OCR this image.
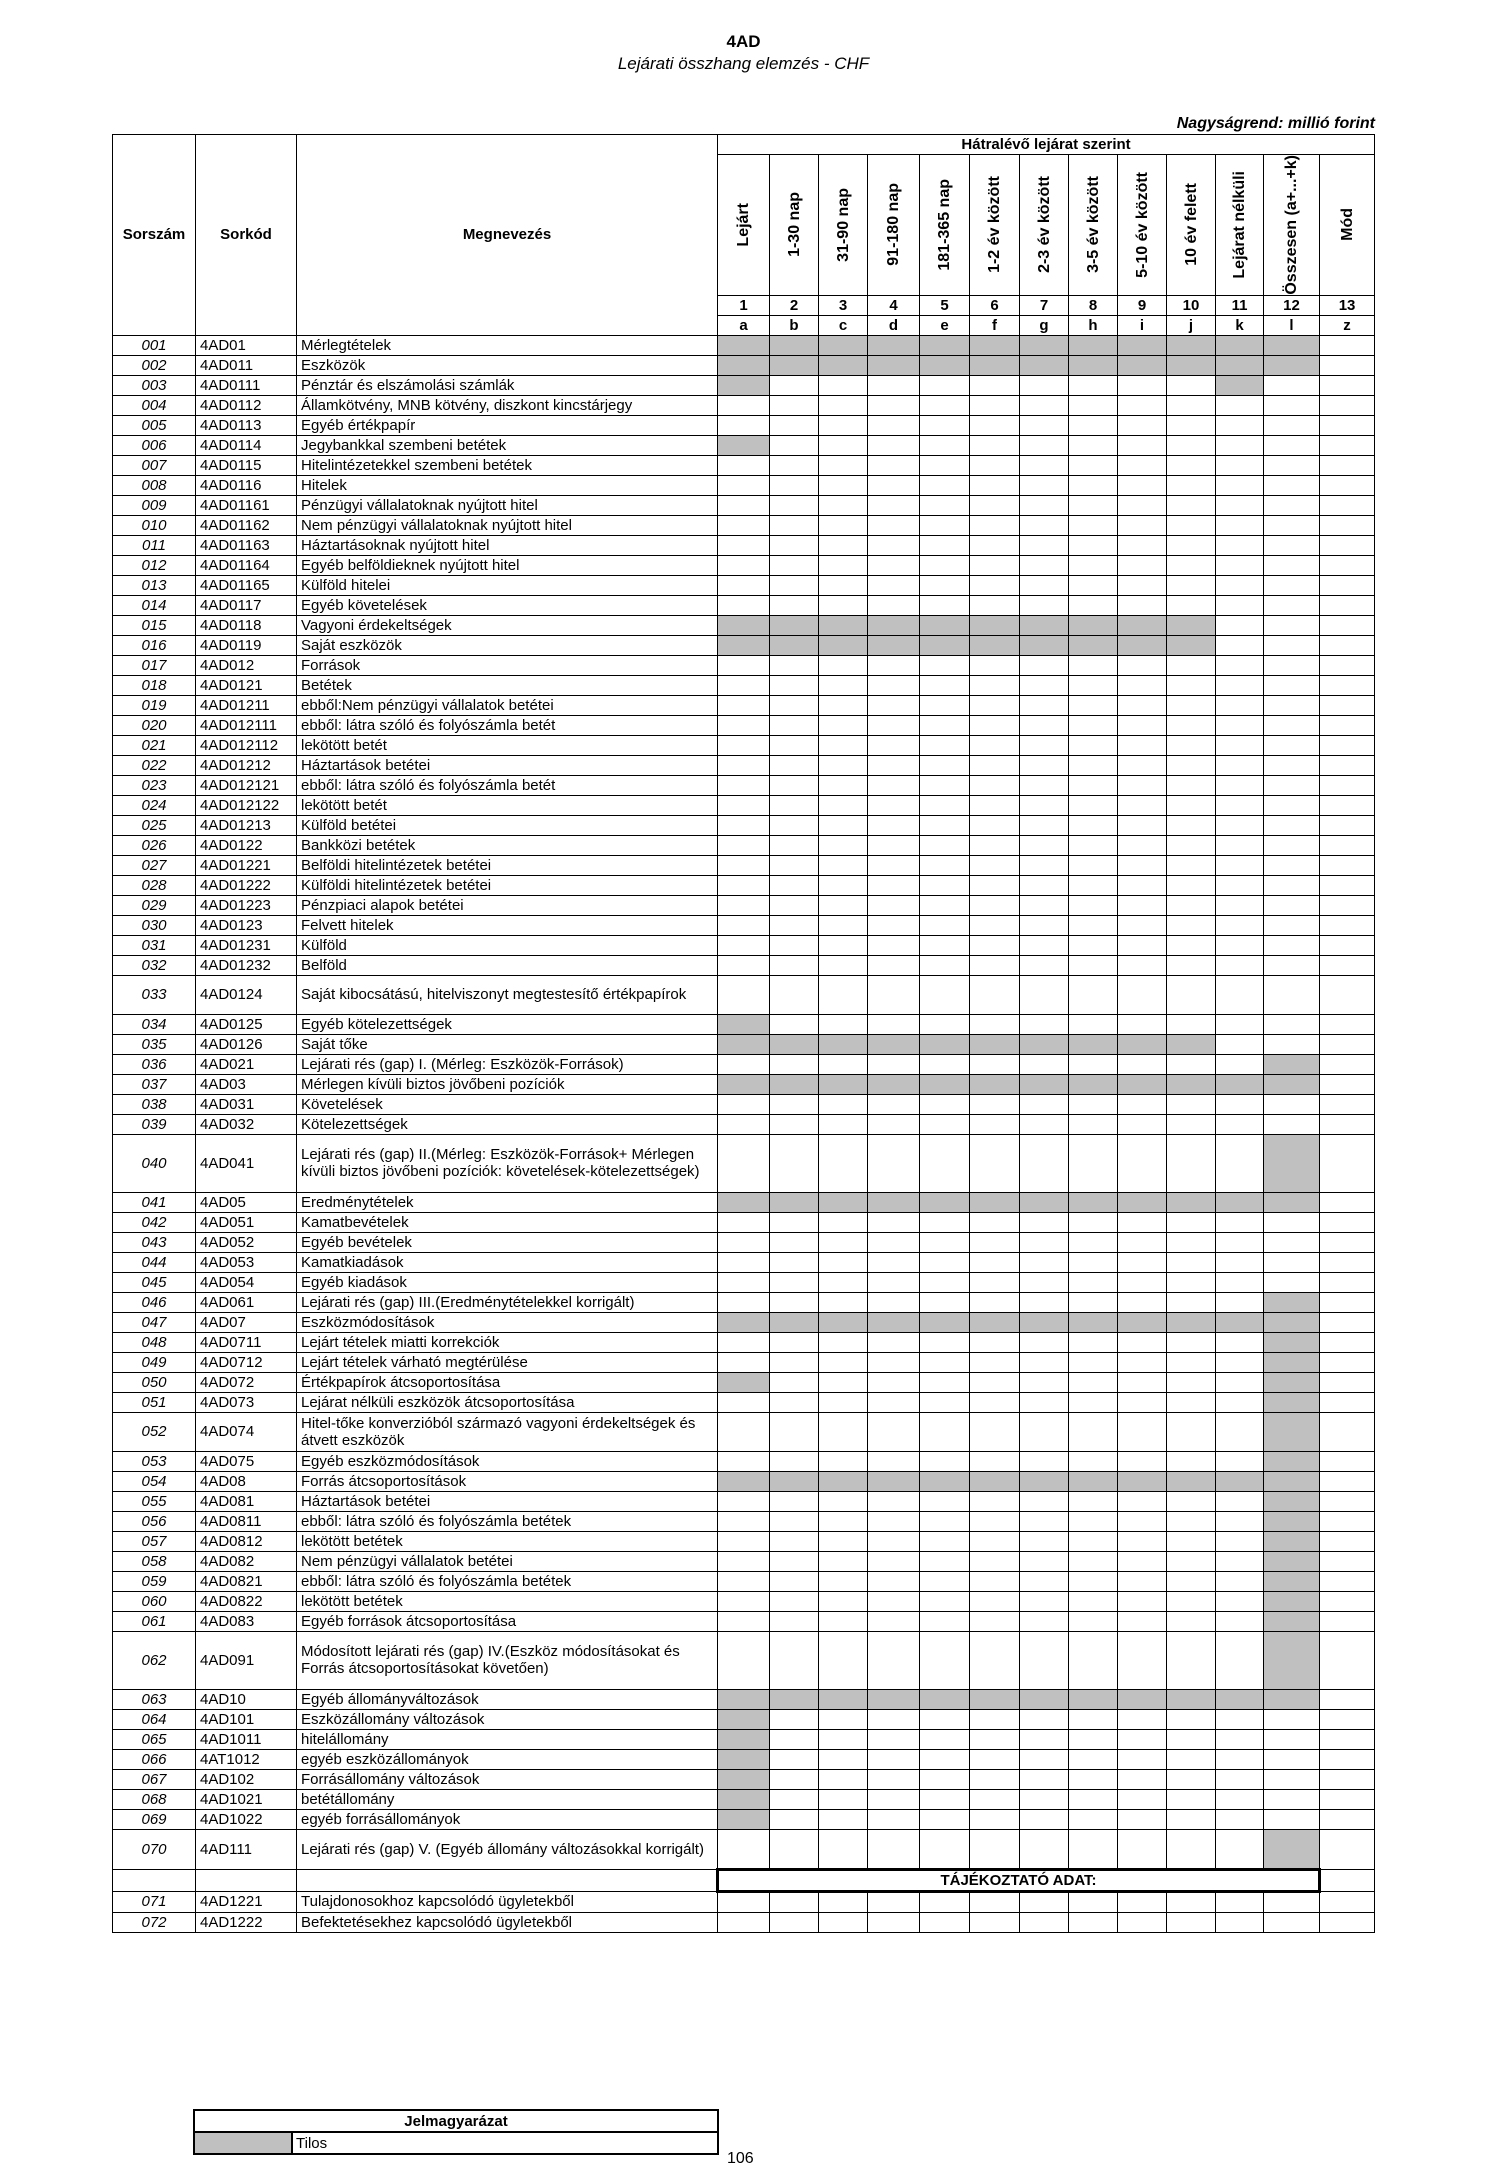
4AD
Lejárati összhang elemzés - CHF
Nagyságrend: millió forint
Sorszám	Sorkód	Megnevezés	Hátralévő lejárat szerint												

			Lejárt	1-30 nap	31-90 nap	91-180 nap	181-365 nap	1-2 év között	2-3 év között	3-5 év között	5-10 év között	10 év felett	Lejárat nélküli	Összesen (a+...+k)	Mód

			1	2	3	4	5	6	7	8	9	10	11	12	13
			a	b	c	d	e	f	g	h	i	j	k	l	z
001	4AD01	Mérlegtételek													
002	4AD011	Eszközök													
003	4AD0111	Pénztár és elszámolási számlák													
004	4AD0112	Államkötvény, MNB kötvény, diszkont kincstárjegy													
005	4AD0113	Egyéb értékpapír													
006	4AD0114	Jegybankkal szembeni betétek													
007	4AD0115	Hitelintézetekkel szembeni betétek													
008	4AD0116	Hitelek													
009	4AD01161	Pénzügyi vállalatoknak nyújtott hitel													
010	4AD01162	Nem pénzügyi vállalatoknak nyújtott hitel													
011	4AD01163	Háztartásoknak nyújtott hitel													
012	4AD01164	Egyéb belföldieknek nyújtott hitel													
013	4AD01165	Külföld hitelei													
014	4AD0117	Egyéb követelések													
015	4AD0118	Vagyoni érdekeltségek													
016	4AD0119	Saját eszközök													
017	4AD012	Források													
018	4AD0121	Betétek													
019	4AD01211	ebből:Nem pénzügyi vállalatok betétei													
020	4AD012111	ebből: látra szóló és folyószámla betét													
021	4AD012112	lekötött betét													
022	4AD01212	Háztartások betétei													
023	4AD012121	ebből: látra szóló és folyószámla betét													
024	4AD012122	lekötött betét													
025	4AD01213	Külföld betétei													
026	4AD0122	Bankközi betétek													
027	4AD01221	Belföldi hitelintézetek betétei													
028	4AD01222	Külföldi hitelintézetek betétei													
029	4AD01223	Pénzpiaci alapok betétei													
030	4AD0123	Felvett hitelek													
031	4AD01231	Külföld													
032	4AD01232	Belföld													
033	4AD0124	Saját kibocsátású, hitelviszonyt megtestesítő értékpapírok													
034	4AD0125	Egyéb kötelezettségek													
035	4AD0126	Saját tőke													
036	4AD021	Lejárati rés (gap) I. (Mérleg: Eszközök-Források)													
037	4AD03	Mérlegen kívüli biztos jövőbeni pozíciók													
038	4AD031	Követelések													
039	4AD032	Kötelezettségek													
040	4AD041	Lejárati rés (gap) II.(Mérleg: Eszközök-Források+ Mérlegen kívüli biztos jövőbeni pozíciók: követelések-kötelezettségek)													
041	4AD05	Eredménytételek													
042	4AD051	Kamatbevételek													
043	4AD052	Egyéb bevételek													
044	4AD053	Kamatkiadások													
045	4AD054	Egyéb kiadások													
046	4AD061	Lejárati rés (gap) III.(Eredménytételekkel korrigált)													
047	4AD07	Eszközmódosítások													
048	4AD0711	Lejárt tételek miatti korrekciók													
049	4AD0712	Lejárt tételek várható megtérülése													
050	4AD072	Értékpapírok átcsoportosítása													
051	4AD073	Lejárat nélküli eszközök átcsoportosítása													
052	4AD074	Hitel-tőke konverzióból származó vagyoni érdekeltségek és átvett eszközök													
053	4AD075	Egyéb eszközmódosítások													
054	4AD08	Forrás átcsoportosítások													
055	4AD081	Háztartások betétei													
056	4AD0811	ebből: látra szóló és folyószámla betétek													
057	4AD0812	lekötött betétek													
058	4AD082	Nem pénzügyi vállalatok betétei													
059	4AD0821	ebből: látra szóló és folyószámla betétek													
060	4AD0822	lekötött betétek													
061	4AD083	Egyéb források átcsoportosítása													
062	4AD091	Módosított lejárati rés (gap) IV.(Eszköz módosításokat és Forrás átcsoportosításokat követően)													
063	4AD10	Egyéb állományváltozások													
064	4AD101	Eszközállomány változások													
065	4AD1011	hitelállomány													
066	4AT1012	egyéb eszközállományok													
067	4AD102	Forrásállomány változások													
068	4AD1021	betétállomány													
069	4AD1022	egyéb forrásállományok													
070	4AD111	Lejárati rés (gap) V. (Egyéb állomány változásokkal korrigált)													
			TÁJÉKOZTATÓ ADAT:												
071	4AD1221	Tulajdonosokhoz kapcsolódó ügyletekből													
072	4AD1222	Befektetésekhez kapcsolódó ügyletekből													
Jelmagyarázat
	Tilos
106
